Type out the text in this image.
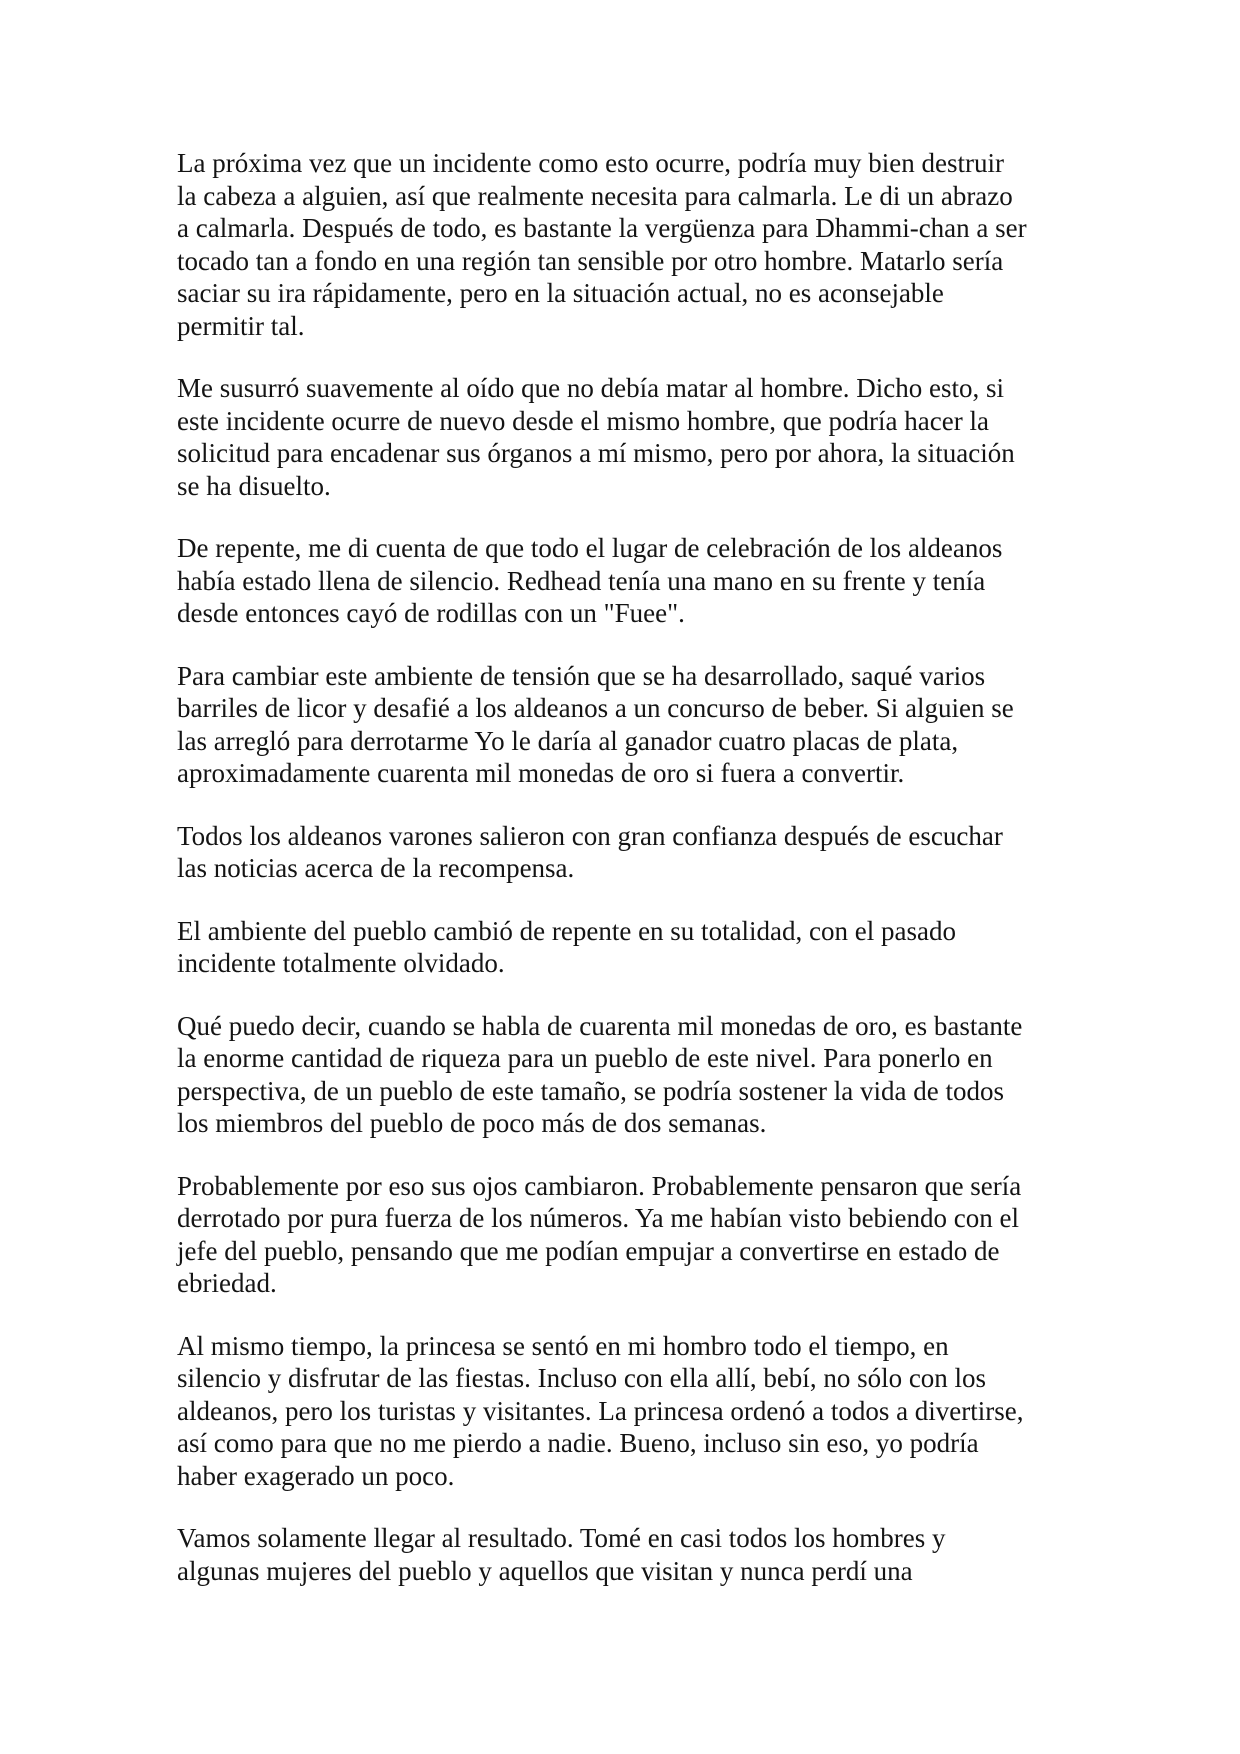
La próxima vez que un incidente como esto ocurre, podría muy bien destruir
la cabeza a alguien, así que realmente necesita para calmarla. Le di un abrazo
a calmarla. Después de todo, es bastante la vergüenza para Dhammi-chan a ser
tocado tan a fondo en una región tan sensible por otro hombre. Matarlo sería
saciar su ira rápidamente, pero en la situación actual, no es aconsejable
permitir tal.

Me susurró suavemente al oído que no debía matar al hombre. Dicho esto, si
este incidente ocurre de nuevo desde el mismo hombre, que podría hacer la
solicitud para encadenar sus órganos a mí mismo, pero por ahora, la situación
se ha disuelto.

De repente, me di cuenta de que todo el lugar de celebración de los aldeanos
había estado llena de silencio. Redhead tenía una mano en su frente y tenía
desde entonces cayó de rodillas con un "Fuee".

Para cambiar este ambiente de tensión que se ha desarrollado, saqué varios
barriles de licor y desafié a los aldeanos a un concurso de beber. Si alguien se
las arregló para derrotarme Yo le daría al ganador cuatro placas de plata,
aproximadamente cuarenta mil monedas de oro si fuera a convertir.

Todos los aldeanos varones salieron con gran confianza después de escuchar
las noticias acerca de la recompensa.

El ambiente del pueblo cambió de repente en su totalidad, con el pasado
incidente totalmente olvidado.

Qué puedo decir, cuando se habla de cuarenta mil monedas de oro, es bastante
la enorme cantidad de riqueza para un pueblo de este nivel. Para ponerlo en
perspectiva, de un pueblo de este tamaño, se podría sostener la vida de todos
los miembros del pueblo de poco más de dos semanas.

Probablemente por eso sus ojos cambiaron. Probablemente pensaron que sería
derrotado por pura fuerza de los números. Ya me habían visto bebiendo con el
jefe del pueblo, pensando que me podían empujar a convertirse en estado de
ebriedad.

Al mismo tiempo, la princesa se sentó en mi hombro todo el tiempo, en
silencio y disfrutar de las fiestas. Incluso con ella allí, bebí, no sólo con los
aldeanos, pero los turistas y visitantes. La princesa ordenó a todos a divertirse,
así como para que no me pierdo a nadie. Bueno, incluso sin eso, yo podría
haber exagerado un poco.

Vamos solamente llegar al resultado. Tomé en casi todos los hombres y
algunas mujeres del pueblo y aquellos que visitan y nunca perdí una
